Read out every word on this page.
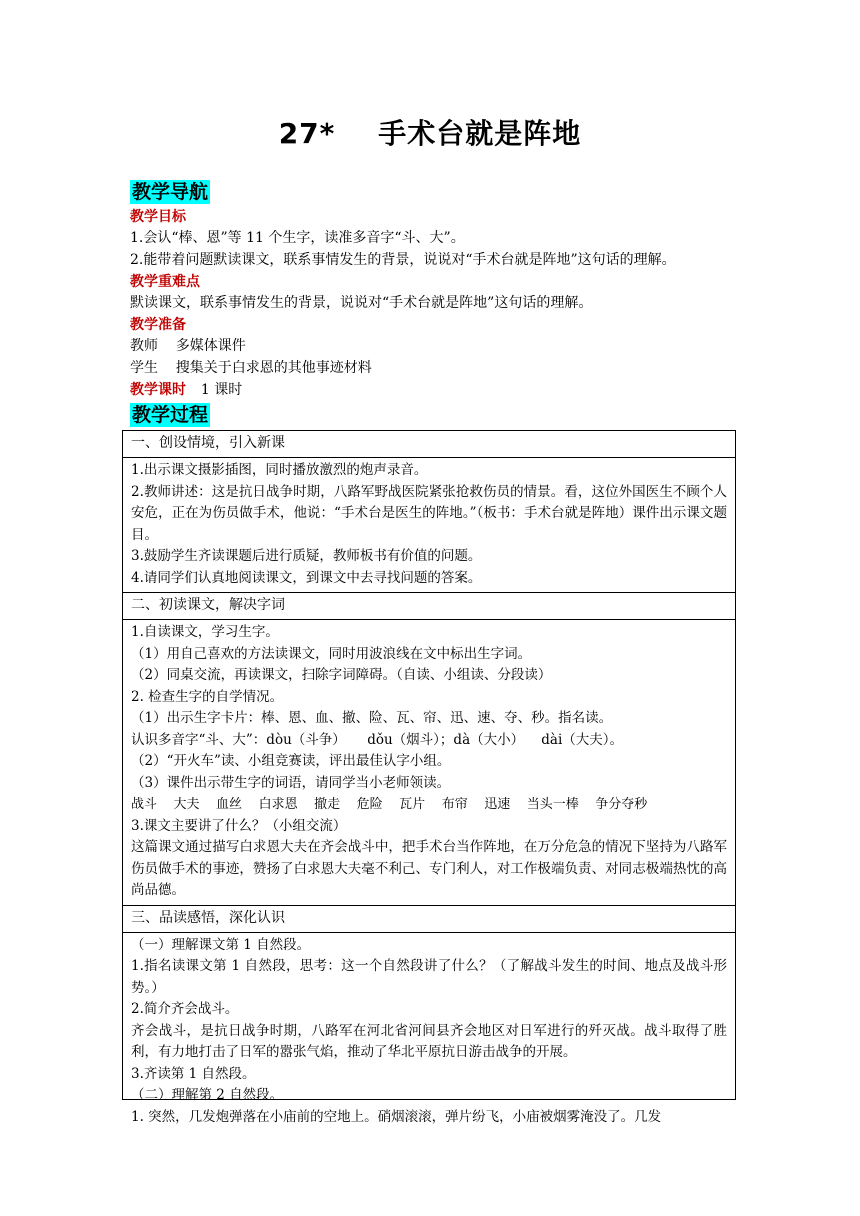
27*    手术台就是阵地
教学导航
教学目标
1.会认“棒、恩”等 11 个生字，读准多音字“斗、大”。
2.能带着问题默读课文，联系事情发生的背景，说说对“手术台就是阵地”这句话的理解。
教学重难点
默读课文，联系事情发生的背景，说说对“手术台就是阵地”这句话的理解。
教学准备
教师    多媒体课件
学生    搜集关于白求恩的其他事迹材料
教学课时 1 课时
教学过程
一、创设情境，引入新课

1.出示课文摄影插图，同时播放激烈的炮声录音。

2.教师讲述：这是抗日战争时期，八路军野战医院紧张抢救伤员的情景。看，这位外国医生不顾个人安危，正在为伤员做手术，他说：“手术台是医生的阵地。”（板书：手术台就是阵地）课件出示课文题目。

3.鼓励学生齐读课题后进行质疑，教师板书有价值的问题。

4.请同学们认真地阅读课文，到课文中去寻找问题的答案。

二、初读课文，解决字词

1.自读课文，学习生字。

（1）用自己喜欢的方法读课文，同时用波浪线在文中标出生字词。

（2）同桌交流，再读课文，扫除字词障碍。（自读、小组读、分段读）

2. 检查生字的自学情况。

（1）出示生字卡片：棒、恩、血、撤、险、瓦、帘、迅、速、夺、秒。指名读。

认识多音字“斗、大”：dòu（斗争）     dǒu（烟斗）；dà（大小）    dài（大夫）。

（2）“开火车”读、小组竞赛读，评出最佳认字小组。

（3）课件出示带生字的词语，请同学当小老师领读。

战斗    大夫    血丝    白求恩    撤走    危险    瓦片    布帘    迅速    当头一棒    争分夺秒

3.课文主要讲了什么？（小组交流）

这篇课文通过描写白求恩大夫在齐会战斗中，把手术台当作阵地，在万分危急的情况下坚持为八路军伤员做手术的事迹，赞扬了白求恩大夫毫不利己、专门利人，对工作极端负责、对同志极端热忱的高尚品德。

三、品读感悟，深化认识

（一）理解课文第 1 自然段。

1.指名读课文第 1 自然段，思考：这一个自然段讲了什么？（了解战斗发生的时间、地点及战斗形势。）

2.简介齐会战斗。

齐会战斗，是抗日战争时期，八路军在河北省河间县齐会地区对日军进行的歼灭战。战斗取得了胜利，有力地打击了日军的嚣张气焰，推动了华北平原抗日游击战争的开展。

3.齐读第 1 自然段。

（二）理解第 2 自然段。

1. 突然，几发炮弹落在小庙前的空地上。硝烟滚滚，弹片纷飞，小庙被烟雾淹没了。几发
